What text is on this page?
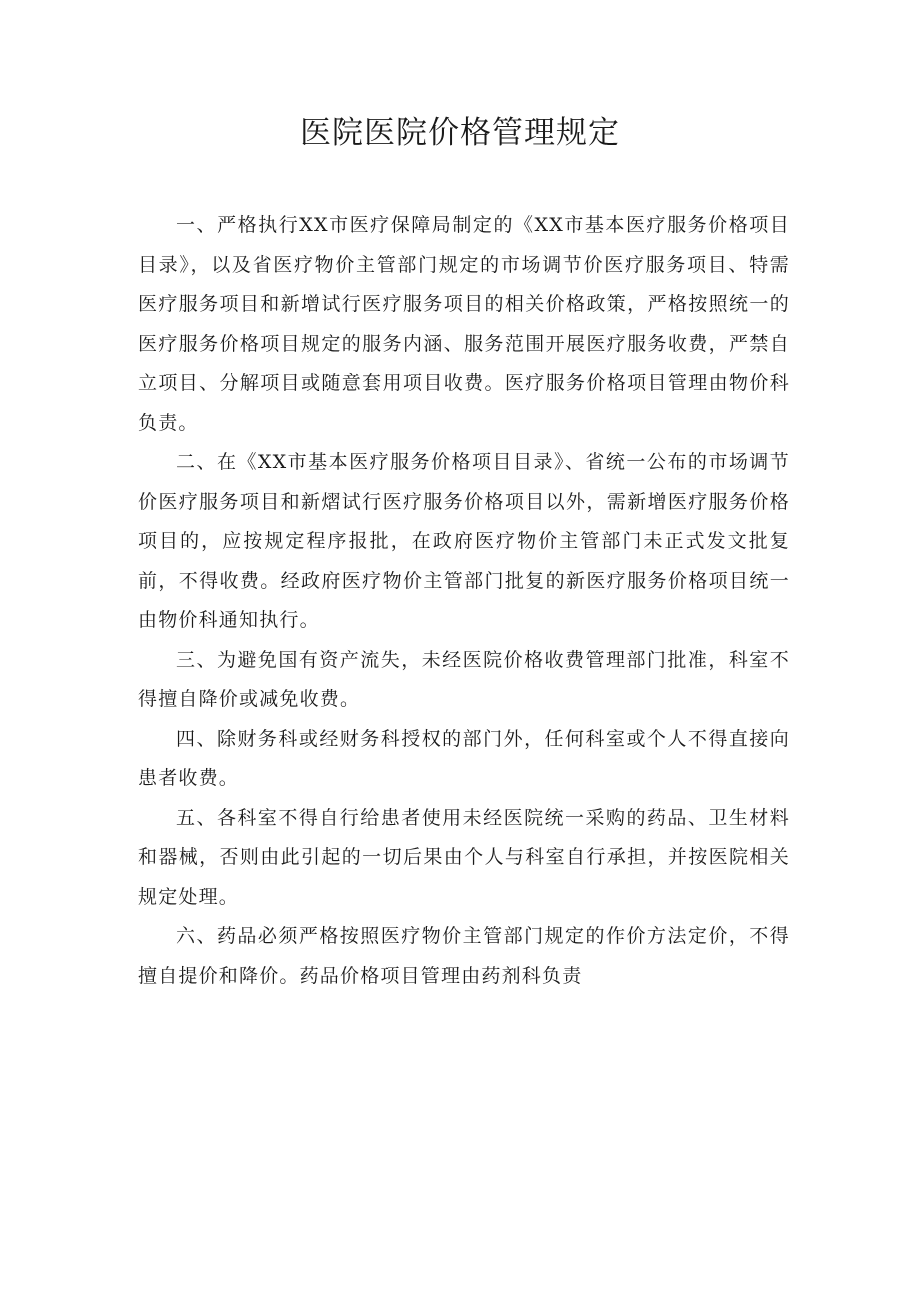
医院医院价格管理规定

一、严格执行XX市医疗保障局制定的《XX市基本医疗服务价格项目目录》，以及省医疗物价主管部门规定的市场调节价医疗服务项目、特需医疗服务项目和新增试行医疗服务项目的相关价格政策，严格按照统一的医疗服务价格项目规定的服务内涵、服务范围开展医疗服务收费，严禁自立项目、分解项目或随意套用项目收费。医疗服务价格项目管理由物价科负责。

二、在《XX市基本医疗服务价格项目目录》、省统一公布的市场调节价医疗服务项目和新熠试行医疗服务价格项目以外，需新增医疗服务价格项目的，应按规定程序报批，在政府医疗物价主管部门未正式发文批复前，不得收费。经政府医疗物价主管部门批复的新医疗服务价格项目统一由物价科通知执行。

三、为避免国有资产流失，未经医院价格收费管理部门批准，科室不得擅自降价或减免收费。

四、除财务科或经财务科授权的部门外，任何科室或个人不得直接向患者收费。

五、各科室不得自行给患者使用未经医院统一采购的药品、卫生材料和器械，否则由此引起的一切后果由个人与科室自行承担，并按医院相关规定处理。

六、药品必须严格按照医疗物价主管部门规定的作价方法定价，不得擅自提价和降价。药品价格项目管理由药剂科负责
